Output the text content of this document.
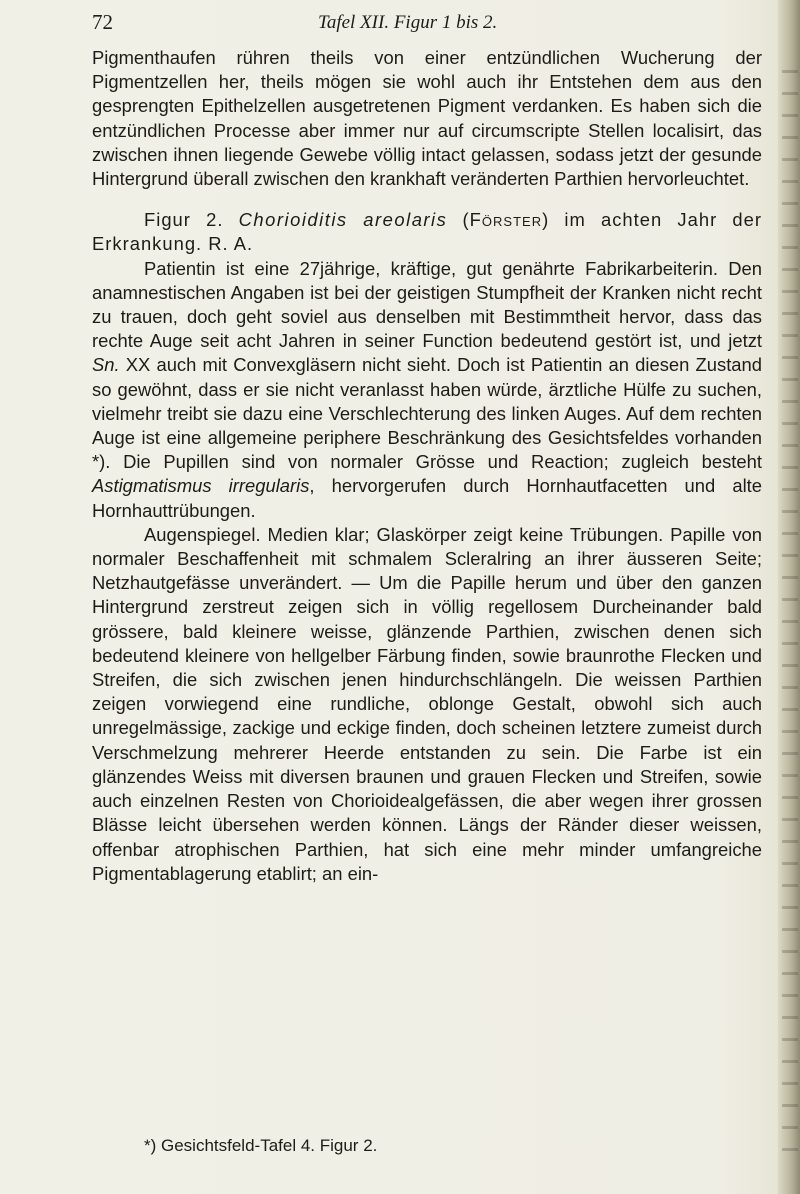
72	Tafel XII. Figur 1 bis 2.

Pigmenthaufen rühren theils von einer entzündlichen Wucherung der Pigmentzellen her, theils mögen sie wohl auch ihr Entstehen dem aus den gesprengten Epithelzellen ausgetretenen Pigment verdanken. Es haben sich die entzündlichen Processe aber immer nur auf circumscripte Stellen localisirt, das zwischen ihnen liegende Gewebe völlig intact gelassen, sodass jetzt der gesunde Hintergrund überall zwischen den krankhaft veränderten Parthien hervorleuchtet.

Figur 2. Chorioiditis areolaris (Förster) im achten Jahr der Erkrankung. R. A.

Patientin ist eine 27jährige, kräftige, gut genährte Fabrikarbeiterin. Den anamnestischen Angaben ist bei der geistigen Stumpfheit der Kranken nicht recht zu trauen, doch geht soviel aus denselben mit Bestimmtheit hervor, dass das rechte Auge seit acht Jahren in seiner Function bedeutend gestört ist, und jetzt Sn. XX auch mit Convexgläsern nicht sieht. Doch ist Patientin an diesen Zustand so gewöhnt, dass er sie nicht veranlasst haben würde, ärztliche Hülfe zu suchen, vielmehr treibt sie dazu eine Verschlechterung des linken Auges. Auf dem rechten Auge ist eine allgemeine periphere Beschränkung des Gesichtsfeldes vorhanden *). Die Pupillen sind von normaler Grösse und Reaction; zugleich besteht Astigmatismus irregularis, hervorgerufen durch Hornhautfacetten und alte Hornhauttrübungen.

Augenspiegel. Medien klar; Glaskörper zeigt keine Trübungen. Papille von normaler Beschaffenheit mit schmalem Scleralring an ihrer äusseren Seite; Netzhautgefässe unverändert. — Um die Papille herum und über den ganzen Hintergrund zerstreut zeigen sich in völlig regellosem Durcheinander bald grössere, bald kleinere weisse, glänzende Parthien, zwischen denen sich bedeutend kleinere von hellgelber Färbung finden, sowie braunrothe Flecken und Streifen, die sich zwischen jenen hindurchschlängeln. Die weissen Parthien zeigen vorwiegend eine rundliche, oblonge Gestalt, obwohl sich auch unregelmässige, zackige und eckige finden, doch scheinen letztere zumeist durch Verschmelzung mehrerer Heerde entstanden zu sein. Die Farbe ist ein glänzendes Weiss mit diversen braunen und grauen Flecken und Streifen, sowie auch einzelnen Resten von Chorioidealgefässen, die aber wegen ihrer grossen Blässe leicht übersehen werden können. Längs der Ränder dieser weissen, offenbar atrophischen Parthien, hat sich eine mehr minder umfangreiche Pigmentablagerung etablirt; an ein-

*) Gesichtsfeld-Tafel 4. Figur 2.
